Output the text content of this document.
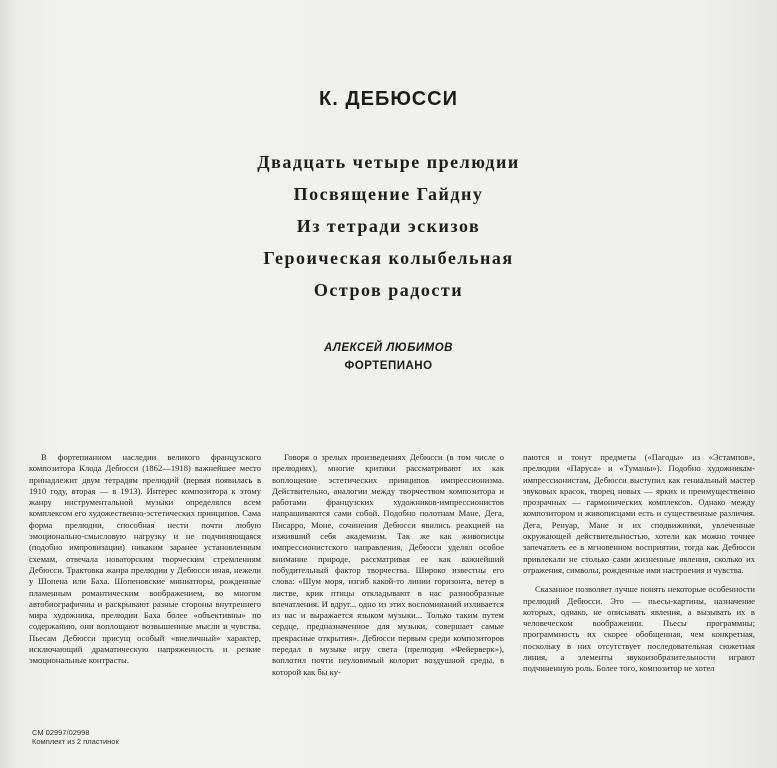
К. ДЕБЮССИ
Двадцать четыре прелюдии
Посвящение Гайдну
Из тетради эскизов
Героическая колыбельная
Остров радости
АЛЕКСЕЙ ЛЮБИМОВ
ФОРТЕПИАНО

В фортепианном наследии великого французского композитора Клода Дебюсси (1862—1918) важнейшее место принадлежит двум тетрадям прелюдий (первая появилась в 1910 году, вторая — в 1913). Интерес композитора к этому жанру инструментальной музыки определялся всем комплексом его художественно-эстетических принципов. Сама форма прелюдии, способная нести почти любую эмоционально-смысловую нагрузку и не подчиняющаяся (подобно импровизации) никаким заранее установленным схемам, отвечала новаторским творческим стремлениям Дебюсси. Трактовка жанра прелюдии у Дебюсси иная, нежели у Шопена или Баха. Шопеновские миниатюры, рожденные пламенным романтическим воображением, во многом автобиографичны и раскрывают разные стороны внутреннего мира художника, прелюдии Баха более «объективны» по содержанию, они воплощают возвышенные мысли и чувства. Пьесам Дебюсси присущ особый «внеличный» характер, исключающий драматическую напряженность и резкие эмоциональные контрасты.

Говоря о зрелых произведениях Дебюсси (в том числе о прелюдиях), многие критики рассматривают их как воплощение эстетических принципов импрессионизма. Действительно, аналогии между творчеством композитора и работами французских художников-импрессионистов напрашиваются сами собой. Подобно полотнам Мане, Дега, Писарро, Моне, сочинения Дебюсси явились реакцией на изживший себя академизм. Так же как живописцы импрессионистского направления, Дебюсси уделял особое внимание природе, рассматривая ее как важнейший побудительный фактор творчества. Широко известны его слова: «Шум моря, изгиб какой-то линии горизонта, ветер в листве, крик птицы откладывают в нас разнообразные впечатления. И вдруг... одно из этих воспоминаний изливается из нас и выражается языком музыки... Только таким путем сердце, предназначенное для музыки, совершает самые прекрасные открытия». Дебюсси первым среди композиторов передал в музыке игру света (прелюдия «Фейерверк»), воплотил почти неуловимый колорит воздушной среды, в которой как бы ку-

паются и тонут предметы («Пагоды» из «Эстампов», прелюдии «Паруса» и «Туманы»). Подобно художникам-импрессионистам, Дебюсси выступил как гениальный мастер звуковых красок, творец новых — ярких и преимущественно прозрачных — гармонических комплексов. Однако между композитором и живописцами есть и существенные различия. Дега, Ренуар, Мане и их сподвижники, увлеченные окружающей действительностью, хотели как можно точнее запечатлеть ее в мгновенном восприятии, тогда как Дебюсси привлекали не столько сами жизненные явления, сколько их отражения, символы, рожденные ими настроения и чувства.

Сказанное позволяет лучше понять некоторые особенности прелюдий Дебюсси. Это — пьесы-картины, назначение которых, однако, не описывать явления, а вызывать их в человеческом воображении. Пьесы программны; программность их скорее обобщенная, чем конкретная, поскольку в них отсутствует последовательная сюжетная линия, а элементы звукоизобразительности играют подчиненную роль. Более того, композитор не хотел

СМ 02997/02998
Комплект из 2 пластинок
